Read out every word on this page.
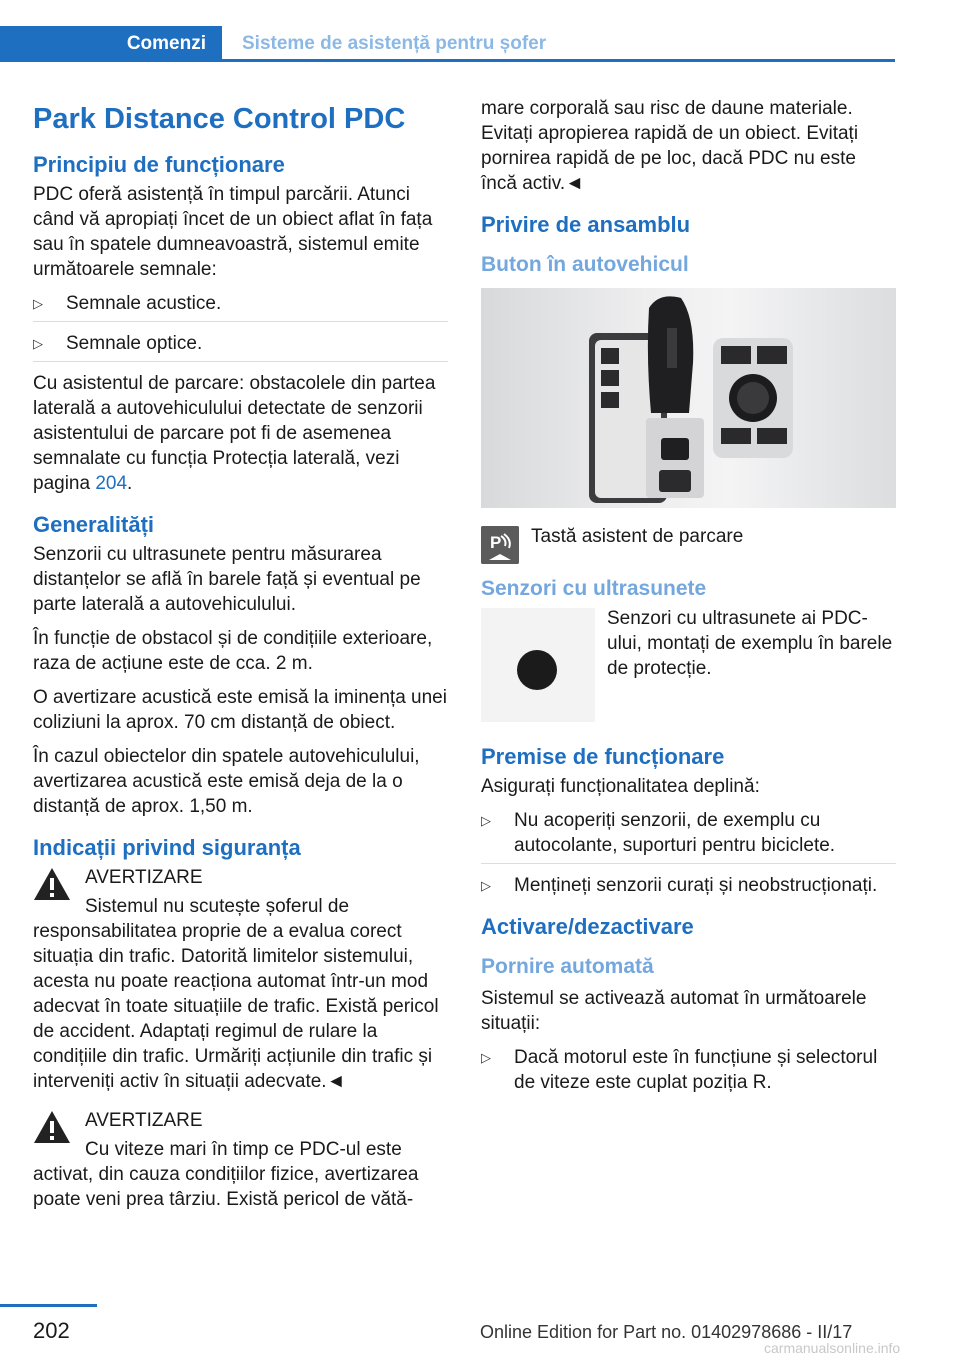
Comenzi Sisteme de asistență pentru șofer
Park Distance Control PDC
Principiu de funcționare

PDC oferă asistență în timpul parcării. Atunci când vă apropiați încet de un obiect aflat în fața sau în spatele dumneavoastră, sistemul emite următoarele semnale:

▷ Semnale acustice.
▷ Semnale optice.

Cu asistentul de parcare: obstacolele din partea laterală a autovehiculului detectate de senzorii asistentului de parcare pot fi de asemenea semnalate cu funcția Protecția laterală, vezi pagina 204.

Generalități

Senzorii cu ultrasunete pentru măsurarea distanțelor se află în barele față și eventual pe parte laterală a autovehiculului.

În funcție de obstacol și de condițiile exterioare, raza de acțiune este de cca. 2 m.

O avertizare acustică este emisă la iminența unei coliziuni la aprox. 70 cm distanță de obiect.

În cazul obiectelor din spatele autovehiculului, avertizarea acustică este emisă deja de la o distanță de aprox. 1,50 m.

Indicații privind siguranța
AVERTIZARE

Sistemul nu scutește șoferul de responsabilitatea proprie de a evalua corect situația din trafic. Datorită limitelor sistemului, acesta nu poate reacționa automat într-un mod adecvat în toate situațiile de trafic. Există pericol de accident. Adaptați regimul de rulare la condițiile din trafic. Urmăriți acțiunile din trafic și interveniți activ în situații adecvate.◄

AVERTIZARE

Cu viteze mari în timp ce PDC-ul este activat, din cauza condițiilor fizice, avertizarea poate veni prea târziu. Există pericol de vătă-

mare corporală sau risc de daune materiale. Evitați apropierea rapidă de un obiect. Evitați pornirea rapidă de pe loc, dacă PDC nu este încă activ.◄

Privire de ansamblu
Buton în autovehicul
P Tastă asistent de parcare
Senzori cu ultrasunete
Senzori cu ultrasunete ai PDC-ului, montați de exemplu în barele de protecție.
Premise de funcționare

Asigurați funcționalitatea deplină:

▷ Nu acoperiți senzorii, de exemplu cu autocolante, suporturi pentru biciclete.
▷ Mențineți senzorii curați și neobstrucționați.
Activare/dezactivare
Pornire automată

Sistemul se activează automat în următoarele situații:

▷ Dacă motorul este în funcțiune și selectorul de viteze este cuplat poziția R.
202	Online Edition for Part no. 01402978686 - II/17
carmanualsonline.info
